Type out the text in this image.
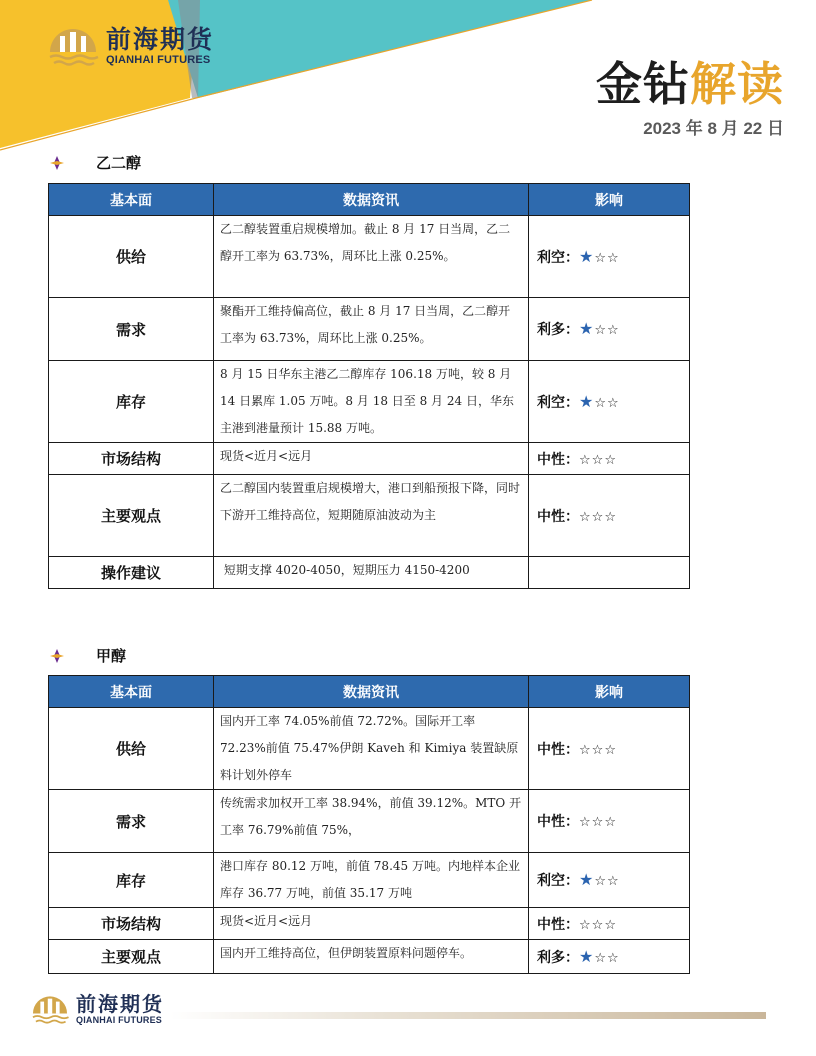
前海期货
QIANHAI FUTURES	金钻解读
2023 年 8 月 22 日
乙二醇
基本面	数据资讯	影响
供给	乙二醇装置重启规模增加。截止 8 月 17 日当周，乙二醇开工率为 63.73%，周环比上涨 0.25%。	利空：★☆☆
需求	聚酯开工维持偏高位，截止 8 月 17 日当周，乙二醇开工率为 63.73%，周环比上涨 0.25%。	利多：★☆☆
库存	8 月 15 日华东主港乙二醇库存 106.18 万吨，较 8 月 14 日累库 1.05 万吨。8 月 18 日至 8 月 24 日，华东主港到港量预计 15.88 万吨。	利空：★☆☆
市场结构	现货<近月<远月	中性：☆☆☆
主要观点	乙二醇国内装置重启规模增大，港口到船预报下降，同时下游开工维持高位，短期随原油波动为主	中性：☆☆☆
操作建议	短期支撑 4020-4050，短期压力 4150-4200	
甲醇
基本面	数据资讯	影响
供给	国内开工率 74.05%前值 72.72%。国际开工率 72.23%前值 75.47%伊朗 Kaveh 和 Kimiya 装置缺原料计划外停车	中性：☆☆☆
需求	传统需求加权开工率 38.94%，前值 39.12%。MTO 开工率 76.79%前值 75%，	中性：☆☆☆
库存	港口库存 80.12 万吨，前值 78.45 万吨。内地样本企业库存 36.77 万吨，前值 35.17 万吨	利空：★☆☆
市场结构	现货<近月<远月	中性：☆☆☆
主要观点	国内开工维持高位，但伊朗装置原料问题停车。	利多：★☆☆
前海期货
QIANHAI FUTURES
